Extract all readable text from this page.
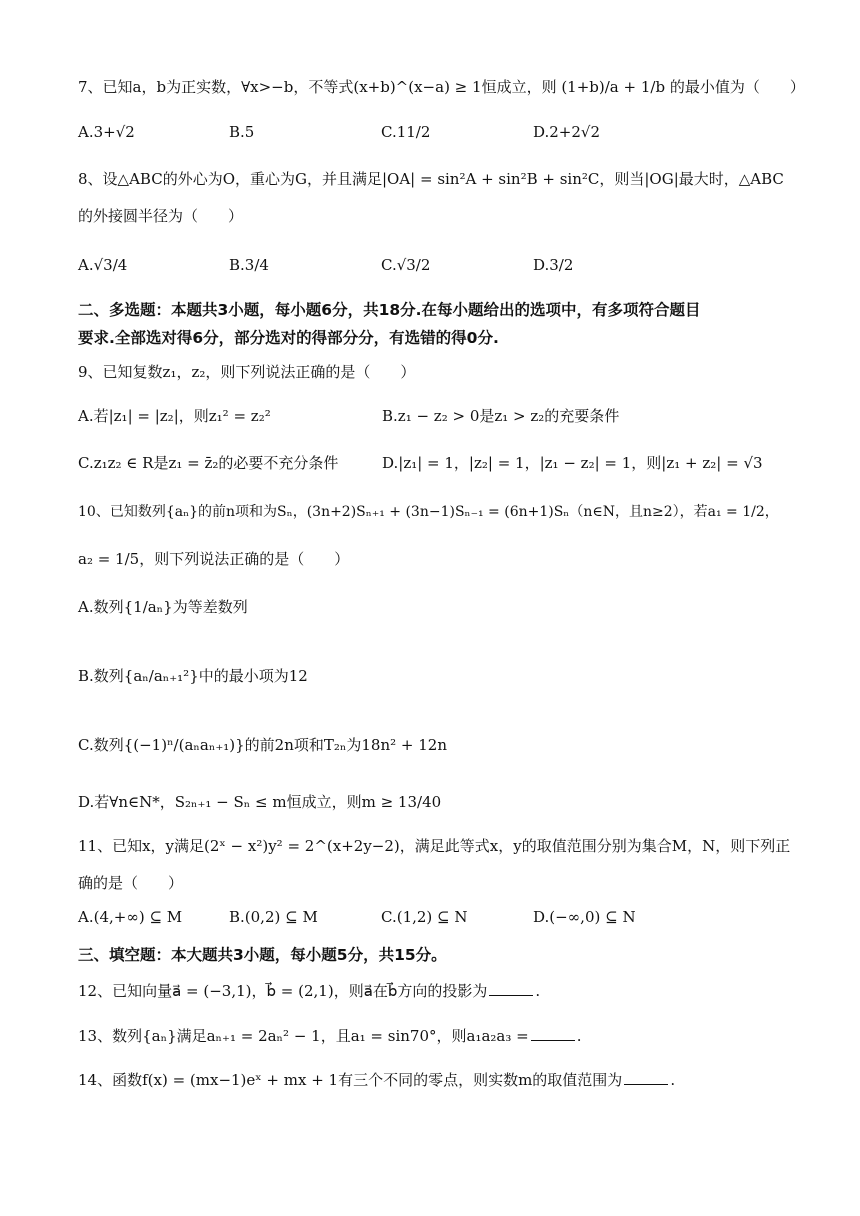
7、已知a，b为正实数，∀x>−b，不等式(x+b)^(x−a) ≥ 1恒成立，则 (1+b)/a + 1/b 的最小值为（　　）
A.3+√2	B.5	C.11/2	D.2+2√2
8、设△ABC的外心为O，重心为G，并且满足|OA| = sin²A + sin²B + sin²C，则当|OG|最大时，△ABC
的外接圆半径为（　　）
A.√3/4	B.3/4	C.√3/2	D.3/2
二、多选题：本题共3小题，每小题6分，共18分.在每小题给出的选项中，有多项符合题目
要求.全部选对得6分，部分选对的得部分分，有选错的得0分.
9、已知复数z₁，z₂，则下列说法正确的是（　　）
A.若|z₁| = |z₂|，则z₁² = z₂²	B.z₁ − z₂ > 0是z₁ > z₂的充要条件
C.z₁z₂ ∈ R是z₁ = z̄₂的必要不充分条件	D.|z₁| = 1，|z₂| = 1，|z₁ − z₂| = 1，则|z₁ + z₂| = √3
10、已知数列{aₙ}的前n项和为Sₙ，(3n+2)Sₙ₊₁ + (3n−1)Sₙ₋₁ = (6n+1)Sₙ（n∈N，且n≥2），若a₁ = 1/2，
a₂ = 1/5，则下列说法正确的是（　　）
A.数列{1/aₙ}为等差数列
B.数列{aₙ/aₙ₊₁²}中的最小项为12
C.数列{(−1)ⁿ/(aₙaₙ₊₁)}的前2n项和T₂ₙ为18n² + 12n
D.若∀n∈N*，S₂ₙ₊₁ − Sₙ ≤ m恒成立，则m ≥ 13/40
11、已知x，y满足(2ˣ − x²)y² = 2^(x+2y−2)，满足此等式x，y的取值范围分别为集合M，N，则下列正
确的是（　　）
A.(4,+∞) ⊆ M	B.(0,2) ⊆ M	C.(1,2) ⊆ N	D.(−∞,0) ⊆ N
三、填空题：本大题共3小题，每小题5分，共15分。
12、已知向量a⃗ = (−3,1)，b⃗ = (2,1)，则a⃗在b⃗方向的投影为	.
13、数列{aₙ}满足aₙ₊₁ = 2aₙ² − 1，且a₁ = sin70°，则a₁a₂a₃ =	.
14、函数f(x) = (mx−1)eˣ + mx + 1有三个不同的零点，则实数m的取值范围为	.
